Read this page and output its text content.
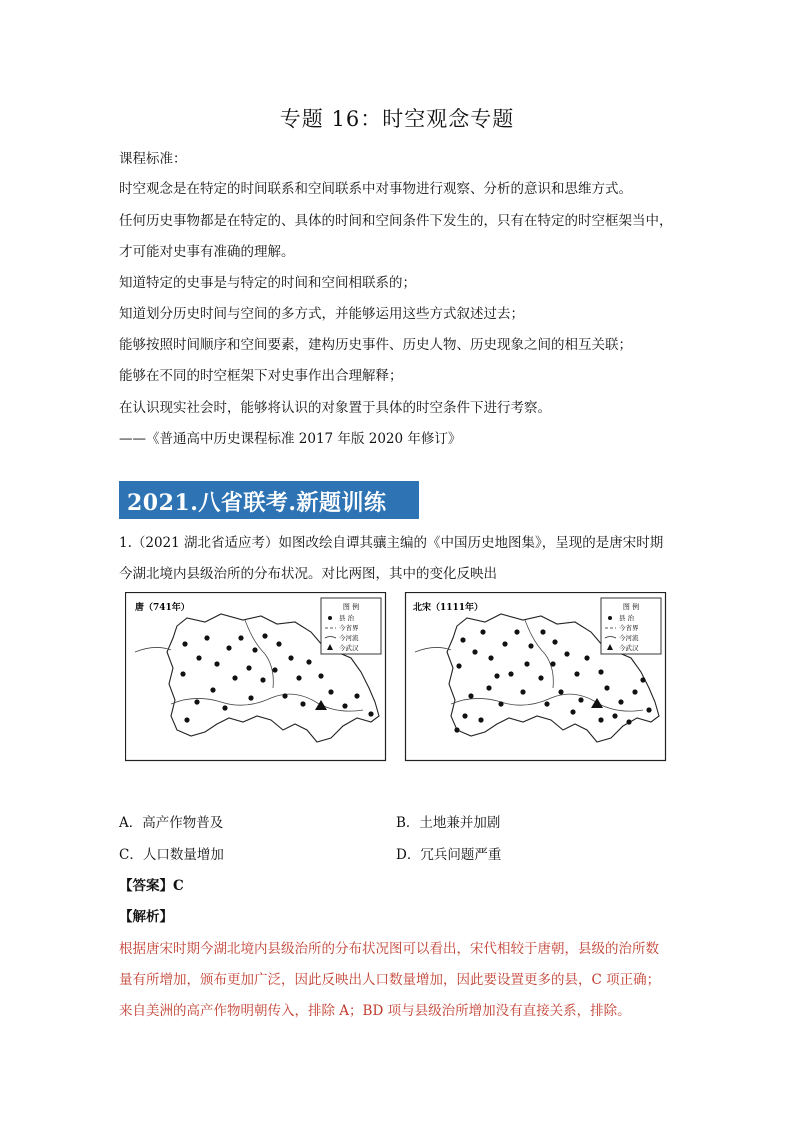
专题 16：时空观念专题
课程标准：
时空观念是在特定的时间联系和空间联系中对事物进行观察、分析的意识和思维方式。
任何历史事物都是在特定的、具体的时间和空间条件下发生的，只有在特定的时空框架当中，
才可能对史事有准确的理解。
知道特定的史事是与特定的时间和空间相联系的；
知道划分历史时间与空间的多方式，并能够运用这些方式叙述过去；
能够按照时间顺序和空间要素，建构历史事件、历史人物、历史现象之间的相互关联；
能够在不同的时空框架下对史事作出合理解释；
在认识现实社会时，能够将认识的对象置于具体的时空条件下进行考察。
——《普通高中历史课程标准 2017 年版 2020 年修订》
2021.八省联考.新题训练
1.（2021 湖北省适应考）如图改绘自谭其骧主编的《中国历史地图集》，呈现的是唐宋时期
今湖北境内县级治所的分布状况。对比两图，其中的变化反映出
图 例
县 治
今省界
今河流
今武汉
唐（741年）	图 例
县 治
今省界
今河流
今武汉
北宋（1111年）
A．高产作物普及	B．土地兼并加剧
C．人口数量增加	D．冗兵问题严重
【答案】C
【解析】
根据唐宋时期今湖北境内县级治所的分布状况图可以看出，宋代相较于唐朝，县级的治所数
量有所增加，颁布更加广泛，因此反映出人口数量增加，因此要设置更多的县，C 项正确；
来自美洲的高产作物明朝传入，排除 A；BD 项与县级治所增加没有直接关系，排除。
